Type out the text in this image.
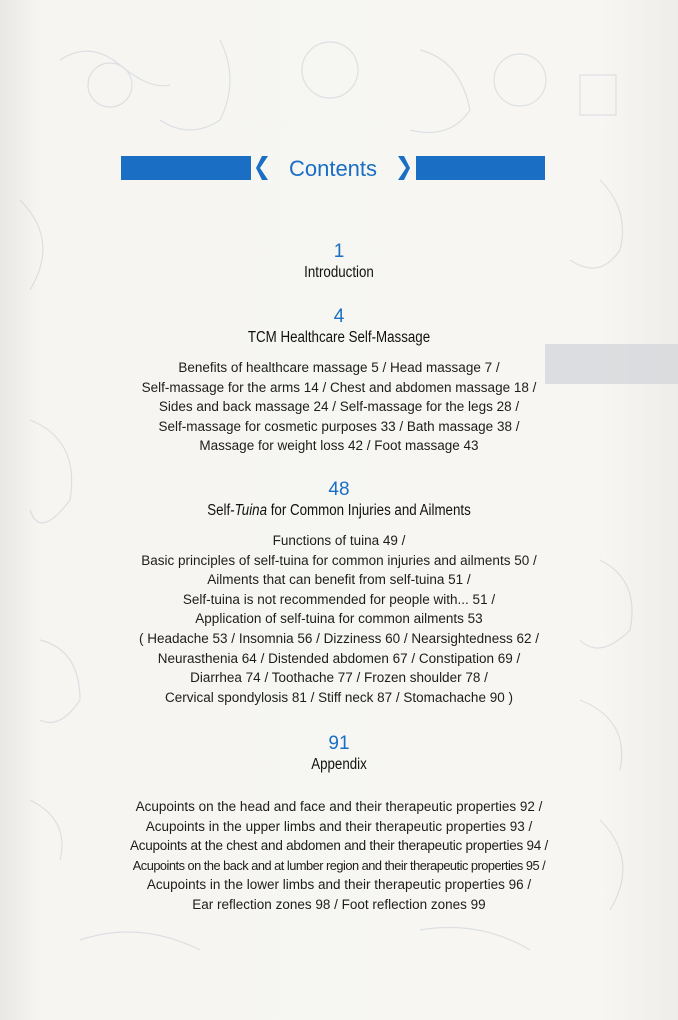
Contents
1
Introduction
4
TCM Healthcare Self-Massage
Benefits of healthcare massage 5 / Head massage 7 /
Self-massage for the arms 14 / Chest and abdomen massage 18 /
Sides and back massage 24 / Self-massage for the legs 28 /
Self-massage for cosmetic purposes 33 / Bath massage 38 /
Massage for weight loss 42 / Foot massage 43
48
Self-Tuina for Common Injuries and Ailments
Functions of tuina 49 /
Basic principles of self-tuina for common injuries and ailments 50 /
Ailments that can benefit from self-tuina 51 /
Self-tuina is not recommended for people with... 51 /
Application of self-tuina for common ailments 53
( Headache 53 / Insomnia 56 / Dizziness 60 / Nearsightedness 62 /
Neurasthenia 64 / Distended abdomen 67 / Constipation 69 /
Diarrhea 74 / Toothache 77 / Frozen shoulder 78 /
Cervical spondylosis 81 / Stiff neck 87 / Stomachache 90 )
91
Appendix
Acupoints on the head and face and their therapeutic properties 92 /
Acupoints in the upper limbs and their therapeutic properties 93 /
Acupoints at the chest and abdomen and their therapeutic properties 94 /
Acupoints on the back and at lumber region and their therapeutic properties 95 /
Acupoints in the lower limbs and their therapeutic properties 96 /
Ear reflection zones 98 / Foot reflection zones 99
